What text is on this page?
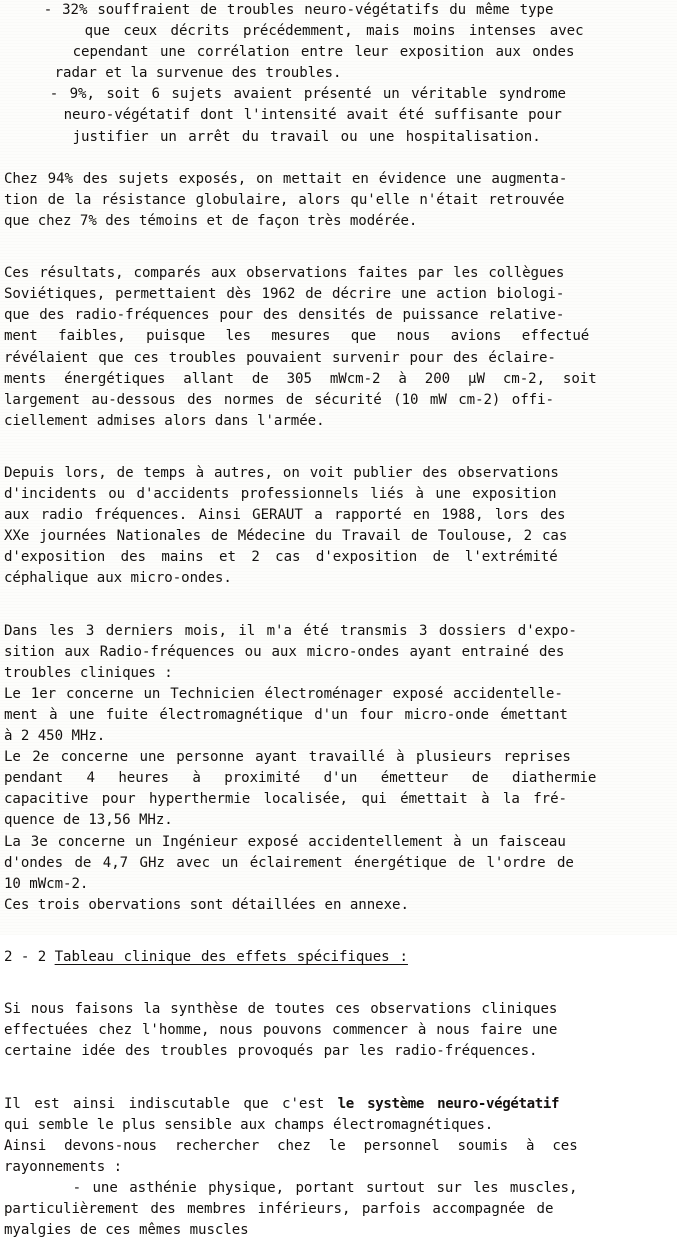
- 32% souffraient de troubles neuro-végétatifs du même type
que ceux décrits précédemment, mais moins intenses avec
cependant une corrélation entre leur exposition aux ondes
radar et la survenue des troubles.
- 9%, soit 6 sujets avaient présenté un véritable syndrome
neuro-végétatif dont l'intensité avait été suffisante pour
justifier un arrêt du travail ou une hospitalisation.
Chez 94% des sujets exposés, on mettait en évidence une augmenta-
tion de la résistance globulaire, alors qu'elle n'était retrouvée
que chez 7% des témoins et de façon très modérée.
Ces résultats, comparés aux observations faites par les collègues
Soviétiques, permettaient dès 1962 de décrire une action biologi-
que des radio-fréquences pour des densités de puissance relative-
ment faibles, puisque les mesures que nous avions effectué
révélaient que ces troubles pouvaient survenir pour des éclaire-
ments énergétiques allant de 305 mWcm-2 à 200 µW cm-2, soit
largement au-dessous des normes de sécurité (10 mW cm-2) offi-
ciellement admises alors dans l'armée.
Depuis lors, de temps à autres, on voit publier des observations
d'incidents ou d'accidents professionnels liés à une exposition
aux radio fréquences. Ainsi GERAUT a rapporté en 1988, lors des
XXe journées Nationales de Médecine du Travail de Toulouse, 2 cas
d'exposition des mains et 2 cas d'exposition de l'extrémité
céphalique aux micro-ondes.
Dans les 3 derniers mois, il m'a été transmis 3 dossiers d'expo-
sition aux Radio-fréquences ou aux micro-ondes ayant entrainé des
troubles cliniques :
Le 1er concerne un Technicien électroménager exposé accidentelle-
ment à une fuite électromagnétique d'un four micro-onde émettant
à 2 450 MHz.
Le 2e concerne une personne ayant travaillé à plusieurs reprises
pendant 4 heures à proximité d'un émetteur de diathermie
capacitive pour hyperthermie localisée, qui émettait à la fré-
quence de 13,56 MHz.
La 3e concerne un Ingénieur exposé accidentellement à un faisceau
d'ondes de 4,7 GHz avec un éclairement énergétique de l'ordre de
10 mWcm-2.
Ces trois obervations sont détaillées en annexe.
2 - 2 Tableau clinique des effets spécifiques :
Si nous faisons la synthèse de toutes ces observations cliniques
effectuées chez l'homme, nous pouvons commencer à nous faire une
certaine idée des troubles provoqués par les radio-fréquences.
Il est ainsi indiscutable que c'est le système neuro-végétatif
qui semble le plus sensible aux champs électromagnétiques.
Ainsi devons-nous rechercher chez le personnel soumis à ces
rayonnements :
- une asthénie physique, portant surtout sur les muscles,
particulièrement des membres inférieurs, parfois accompagnée de
myalgies de ces mêmes muscles
